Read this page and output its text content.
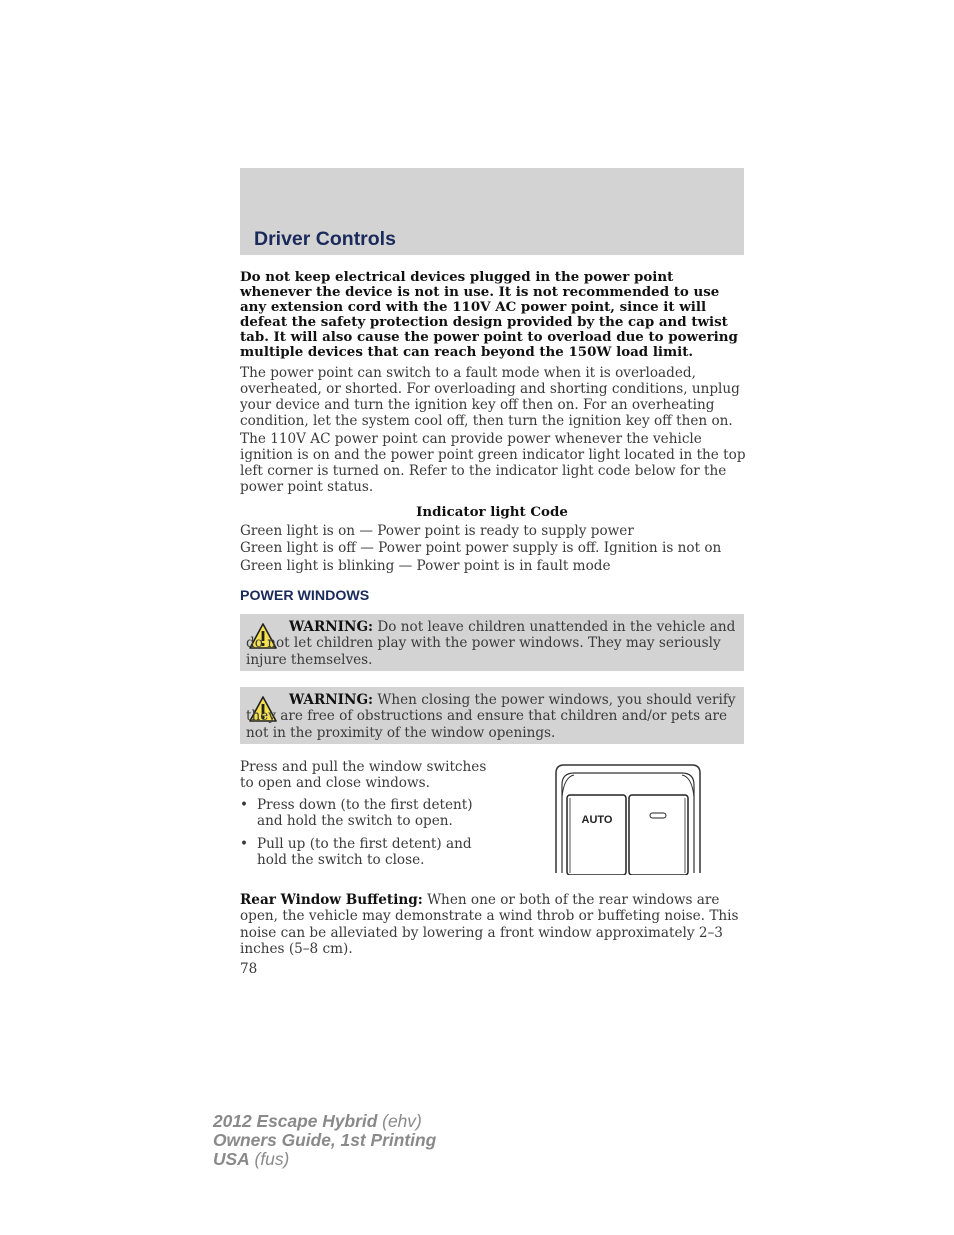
Driver Controls
Do not keep electrical devices plugged in the power point whenever the device is not in use. It is not recommended to use any extension cord with the 110V AC power point, since it will defeat the safety protection design provided by the cap and twist tab. It will also cause the power point to overload due to powering multiple devices that can reach beyond the 150W load limit.
The power point can switch to a fault mode when it is overloaded, overheated, or shorted. For overloading and shorting conditions, unplug your device and turn the ignition key off then on. For an overheating condition, let the system cool off, then turn the ignition key off then on.
The 110V AC power point can provide power whenever the vehicle ignition is on and the power point green indicator light located in the top left corner is turned on. Refer to the indicator light code below for the power point status.
Indicator light Code
Green light is on — Power point is ready to supply power
Green light is off — Power point power supply is off. Ignition is not on
Green light is blinking — Power point is in fault mode
POWER WINDOWS
WARNING: Do not leave children unattended in the vehicle and do not let children play with the power windows. They may seriously injure themselves.
WARNING: When closing the power windows, you should verify they are free of obstructions and ensure that children and/or pets are not in the proximity of the window openings.
Press and pull the window switches to open and close windows.
• Press down (to the first detent) and hold the switch to open.
• Pull up (to the first detent) and hold the switch to close.
AUTO
Rear Window Buffeting: When one or both of the rear windows are open, the vehicle may demonstrate a wind throb or buffeting noise. This noise can be alleviated by lowering a front window approximately 2–3 inches (5–8 cm).
78
2012 Escape Hybrid (ehv)
Owners Guide, 1st Printing
USA (fus)
